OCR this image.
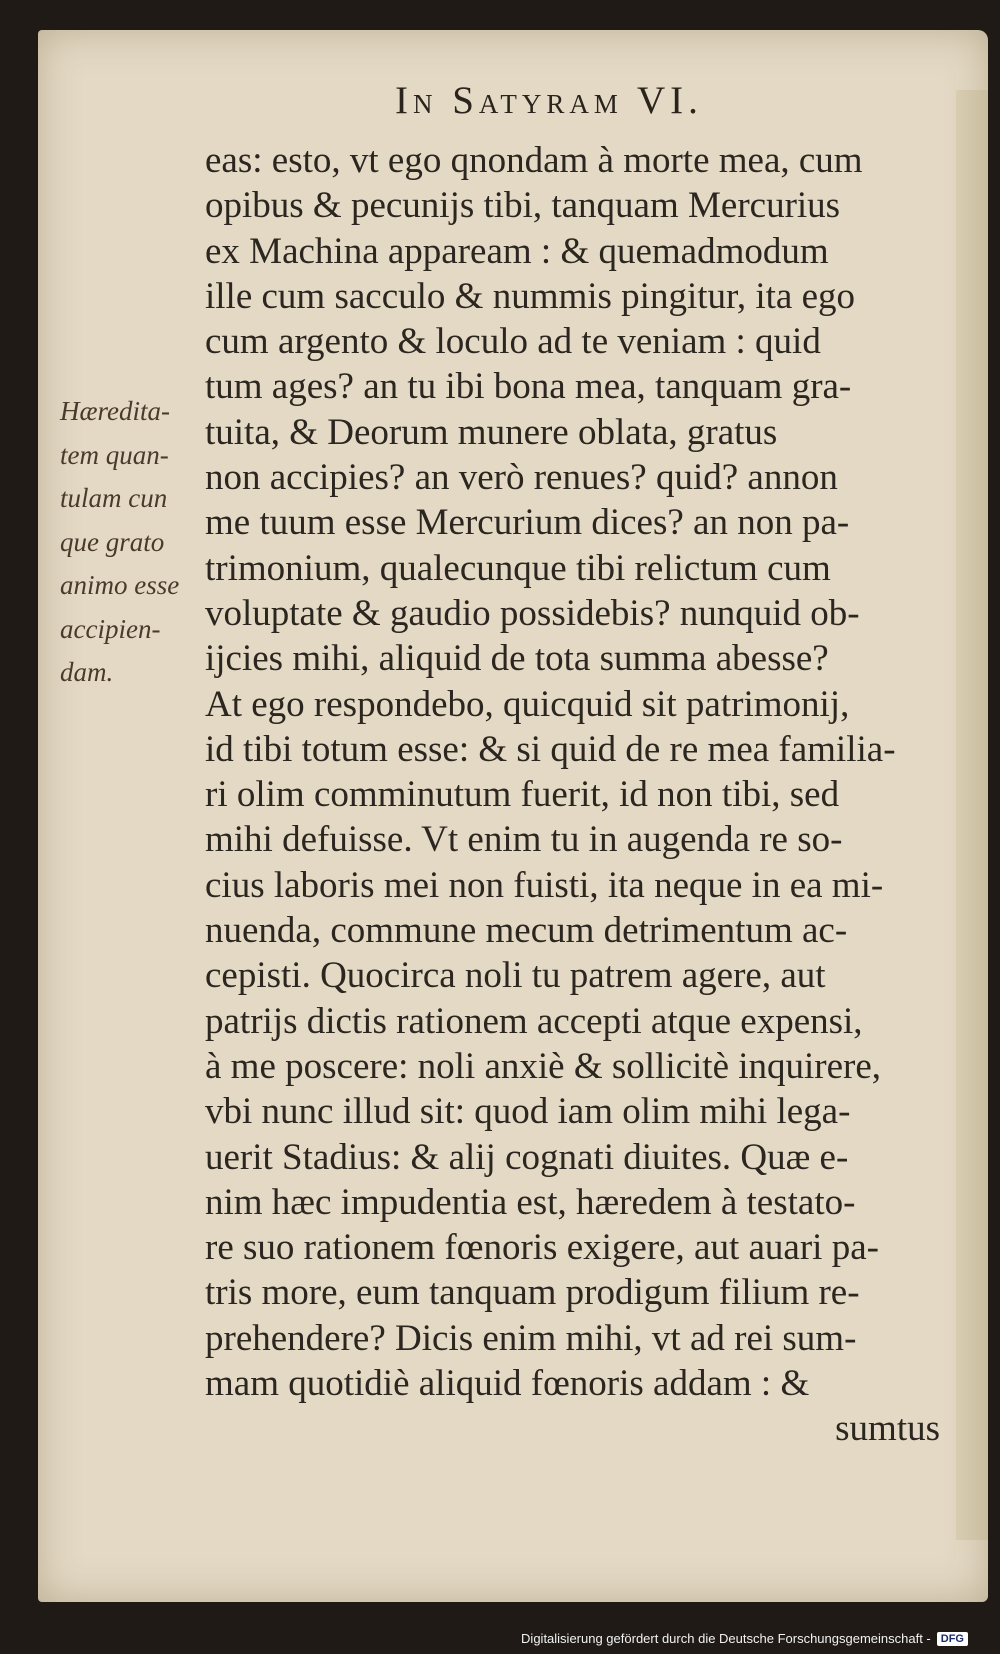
In Satyram VI.
Hæredita-
tem quan-
tulam cun
que grato
animo esse
accipien-
dam.
eas: esto, vt ego qnondam à morte mea, cum
opibus & pecunijs tibi, tanquam Mercurius
ex Machina appaream : & quemadmodum
ille cum sacculo & nummis pingitur, ita ego
cum argento & loculo ad te veniam : quid
tum ages? an tu ibi bona mea, tanquam gra-
tuita, & Deorum munere oblata, gratus
non accipies? an verò renues? quid? annon
me tuum esse Mercurium dices? an non pa-
trimonium, qualecunque tibi relictum cum
voluptate & gaudio possidebis? nunquid ob-
ijcies mihi, aliquid de tota summa abesse?
At ego respondebo, quicquid sit patrimonij,
id tibi totum esse: & si quid de re mea familia-
ri olim comminutum fuerit, id non tibi, sed
mihi defuisse. Vt enim tu in augenda re so-
cius laboris mei non fuisti, ita neque in ea mi-
nuenda, commune mecum detrimentum ac-
cepisti. Quocirca noli tu patrem agere, aut
patrijs dictis rationem accepti atque expensi,
à me poscere: noli anxiè & sollicitè inquirere,
vbi nunc illud sit: quod iam olim mihi lega-
uerit Stadius: & alij cognati diuites. Quæ e-
nim hæc impudentia est, hæredem à testato-
re suo rationem fœnoris exigere, aut auari pa-
tris more, eum tanquam prodigum filium re-
prehendere? Dicis enim mihi, vt ad rei sum-
mam quotidiè aliquid fœnoris addam : &
sumtus
Digitalisierung gefördert durch die Deutsche Forschungsgemeinschaft - DFG
